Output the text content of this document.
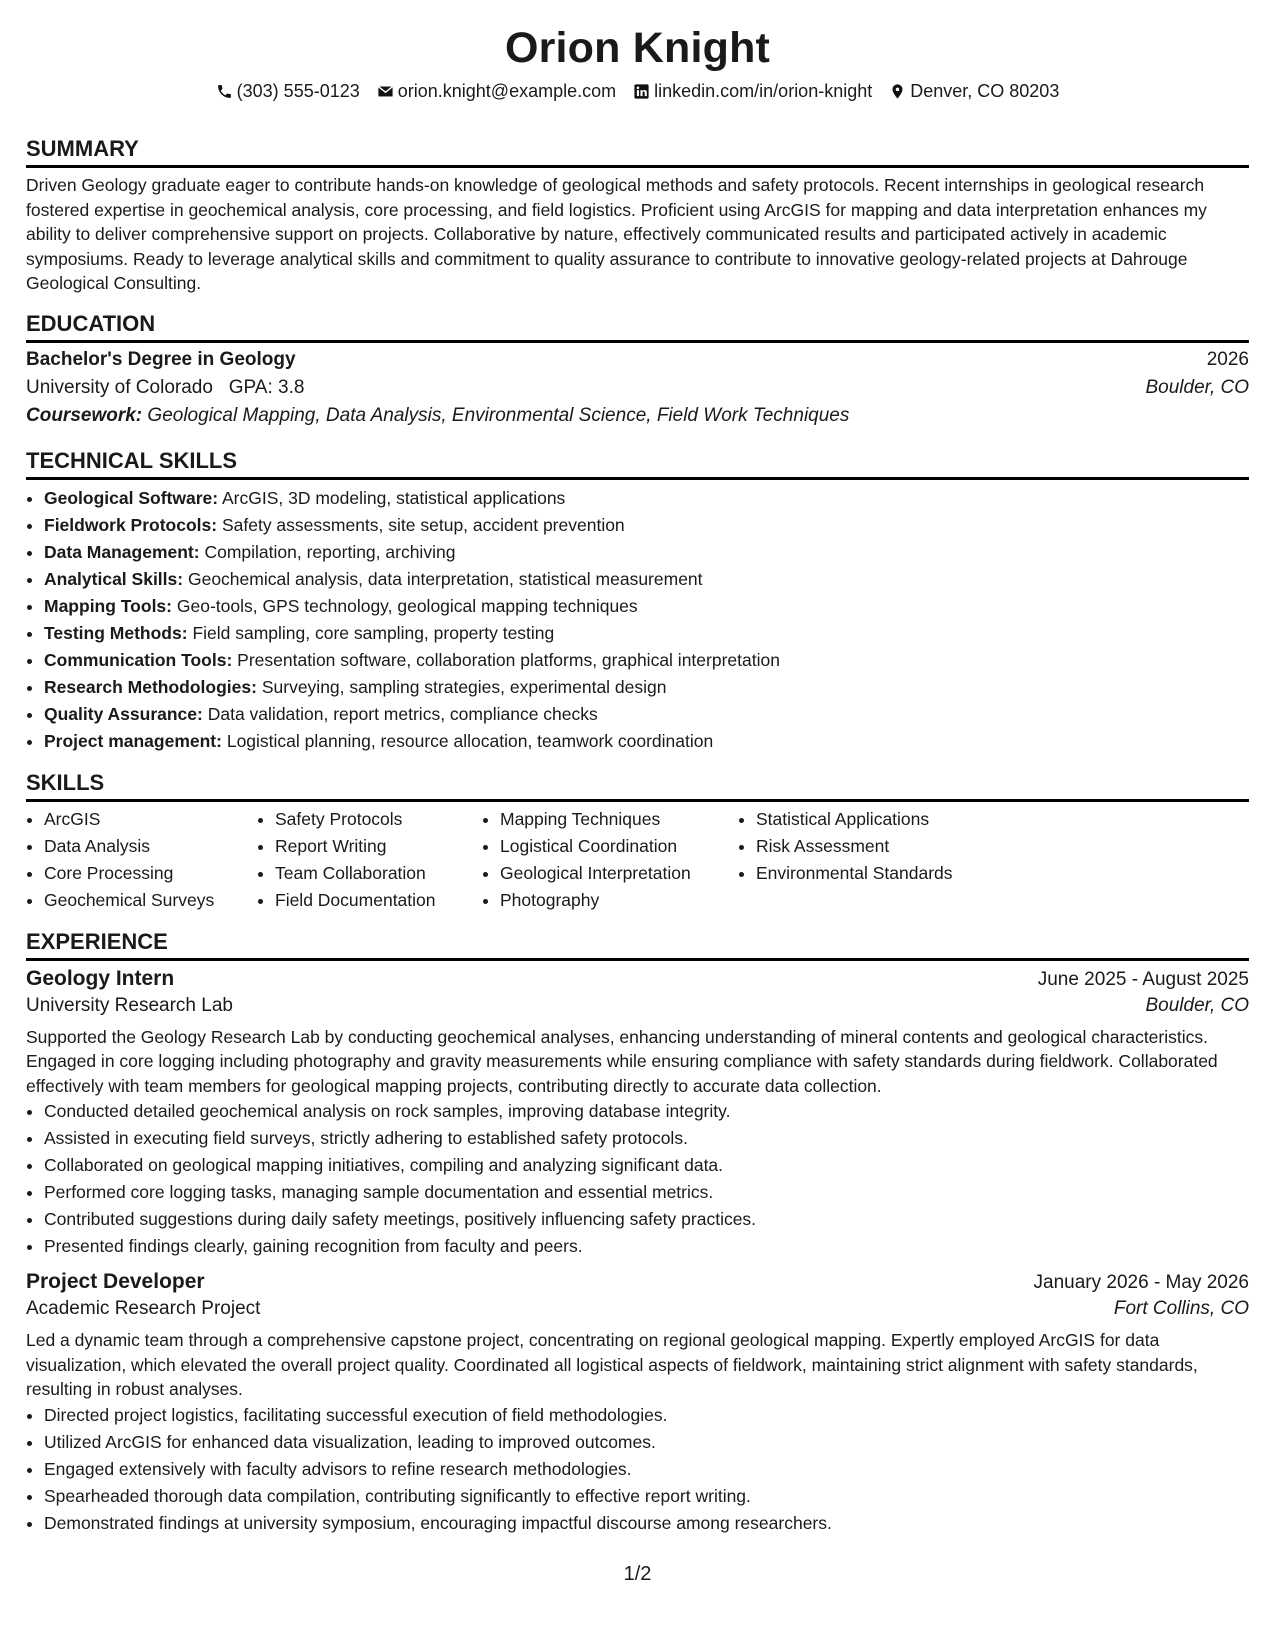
Orion Knight
(303) 555-0123 orion.knight@example.com linkedin.com/in/orion-knight Denver, CO 80203
SUMMARY

Driven Geology graduate eager to contribute hands-on knowledge of geological methods and safety protocols. Recent internships in geological research fostered expertise in geochemical analysis, core processing, and field logistics. Proficient using ArcGIS for mapping and data interpretation enhances my ability to deliver comprehensive support on projects. Collaborative by nature, effectively communicated results and participated actively in academic symposiums. Ready to leverage analytical skills and commitment to quality assurance to contribute to innovative geology-related projects at Dahrouge Geological Consulting.

EDUCATION
Bachelor's Degree in Geology	2026
University of Colorado GPA: 3.8	Boulder, CO
Coursework: Geological Mapping, Data Analysis, Environmental Science, Field Work Techniques
TECHNICAL SKILLS
• Geological Software: ArcGIS, 3D modeling, statistical applications
• Fieldwork Protocols: Safety assessments, site setup, accident prevention
• Data Management: Compilation, reporting, archiving
• Analytical Skills: Geochemical analysis, data interpretation, statistical measurement
• Mapping Tools: Geo-tools, GPS technology, geological mapping techniques
• Testing Methods: Field sampling, core sampling, property testing
• Communication Tools: Presentation software, collaboration platforms, graphical interpretation
• Research Methodologies: Surveying, sampling strategies, experimental design
• Quality Assurance: Data validation, report metrics, compliance checks
• Project management: Logistical planning, resource allocation, teamwork coordination
SKILLS
• ArcGIS
• Data Analysis
• Core Processing
• Geochemical Surveys
• Safety Protocols
• Report Writing
• Team Collaboration
• Field Documentation
• Mapping Techniques
• Logistical Coordination
• Geological Interpretation
• Photography
• Statistical Applications
• Risk Assessment
• Environmental Standards
EXPERIENCE
Geology Intern	June 2025 - August 2025
University Research Lab	Boulder, CO

Supported the Geology Research Lab by conducting geochemical analyses, enhancing understanding of mineral contents and geological characteristics. Engaged in core logging including photography and gravity measurements while ensuring compliance with safety standards during fieldwork. Collaborated effectively with team members for geological mapping projects, contributing directly to accurate data collection.

• Conducted detailed geochemical analysis on rock samples, improving database integrity.
• Assisted in executing field surveys, strictly adhering to established safety protocols.
• Collaborated on geological mapping initiatives, compiling and analyzing significant data.
• Performed core logging tasks, managing sample documentation and essential metrics.
• Contributed suggestions during daily safety meetings, positively influencing safety practices.
• Presented findings clearly, gaining recognition from faculty and peers.
Project Developer	January 2026 - May 2026
Academic Research Project	Fort Collins, CO

Led a dynamic team through a comprehensive capstone project, concentrating on regional geological mapping. Expertly employed ArcGIS for data visualization, which elevated the overall project quality. Coordinated all logistical aspects of fieldwork, maintaining strict alignment with safety standards, resulting in robust analyses.

• Directed project logistics, facilitating successful execution of field methodologies.
• Utilized ArcGIS for enhanced data visualization, leading to improved outcomes.
• Engaged extensively with faculty advisors to refine research methodologies.
• Spearheaded thorough data compilation, contributing significantly to effective report writing.
• Demonstrated findings at university symposium, encouraging impactful discourse among researchers.
1/2
